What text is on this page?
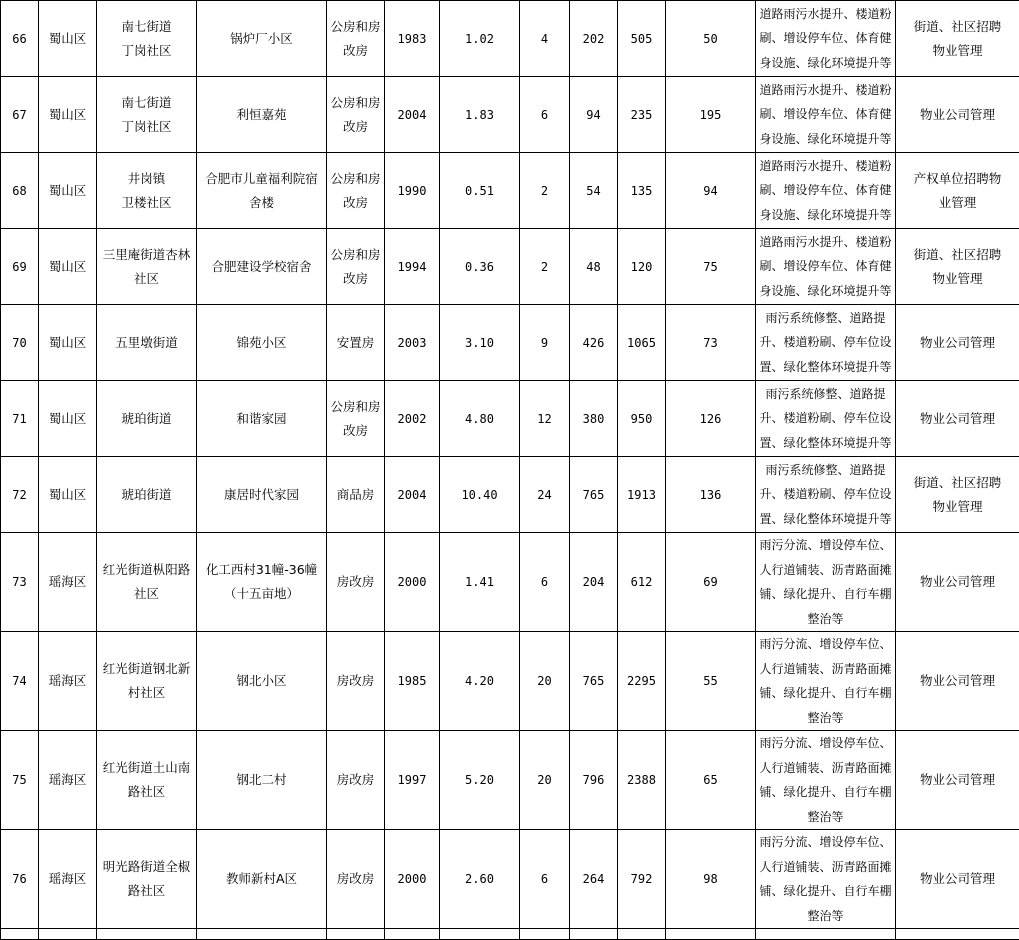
66	蜀山区	南七街道
丁岗社区	锅炉厂小区	公房和房
改房	1983	1.02	4	202	505	50	道路雨污水提升、楼道粉
刷、增设停车位、体育健
身设施、绿化环境提升等	街道、社区招聘
物业管理

67	蜀山区	南七街道
丁岗社区	利恒嘉苑	公房和房
改房	2004	1.83	6	94	235	195	道路雨污水提升、楼道粉
刷、增设停车位、体育健
身设施、绿化环境提升等	物业公司管理

68	蜀山区	井岗镇
卫楼社区	合肥市儿童福利院宿
舍楼	公房和房
改房	1990	0.51	2	54	135	94	道路雨污水提升、楼道粉
刷、增设停车位、体育健
身设施、绿化环境提升等	产权单位招聘物
业管理

69	蜀山区	三里庵街道杏林
社区	合肥建设学校宿舍	公房和房
改房	1994	0.36	2	48	120	75	道路雨污水提升、楼道粉
刷、增设停车位、体育健
身设施、绿化环境提升等	街道、社区招聘
物业管理

70	蜀山区	五里墩街道	锦苑小区	安置房	2003	3.10	9	426	1065	73	雨污系统修整、道路提
升、楼道粉刷、停车位设
置、绿化整体环境提升等	物业公司管理

71	蜀山区	琥珀街道	和谐家园	公房和房
改房	2002	4.80	12	380	950	126	雨污系统修整、道路提
升、楼道粉刷、停车位设
置、绿化整体环境提升等	物业公司管理

72	蜀山区	琥珀街道	康居时代家园	商品房	2004	10.40	24	765	1913	136	雨污系统修整、道路提
升、楼道粉刷、停车位设
置、绿化整体环境提升等	街道、社区招聘
物业管理

73	瑶海区	红光街道枞阳路
社区	化工西村31幢-36幢
（十五亩地）	房改房	2000	1.41	6	204	612	69	雨污分流、增设停车位、
人行道铺装、沥青路面摊
铺、绿化提升、自行车棚
整治等	物业公司管理

74	瑶海区	红光街道钢北新
村社区	钢北小区	房改房	1985	4.20	20	765	2295	55	雨污分流、增设停车位、
人行道铺装、沥青路面摊
铺、绿化提升、自行车棚
整治等	物业公司管理

75	瑶海区	红光街道土山南
路社区	钢北二村	房改房	1997	5.20	20	796	2388	65	雨污分流、增设停车位、
人行道铺装、沥青路面摊
铺、绿化提升、自行车棚
整治等	物业公司管理

76	瑶海区	明光路街道全椒
路社区	教师新村A区	房改房	2000	2.60	6	264	792	98	雨污分流、增设停车位、
人行道铺装、沥青路面摊
铺、绿化提升、自行车棚
整治等	物业公司管理
